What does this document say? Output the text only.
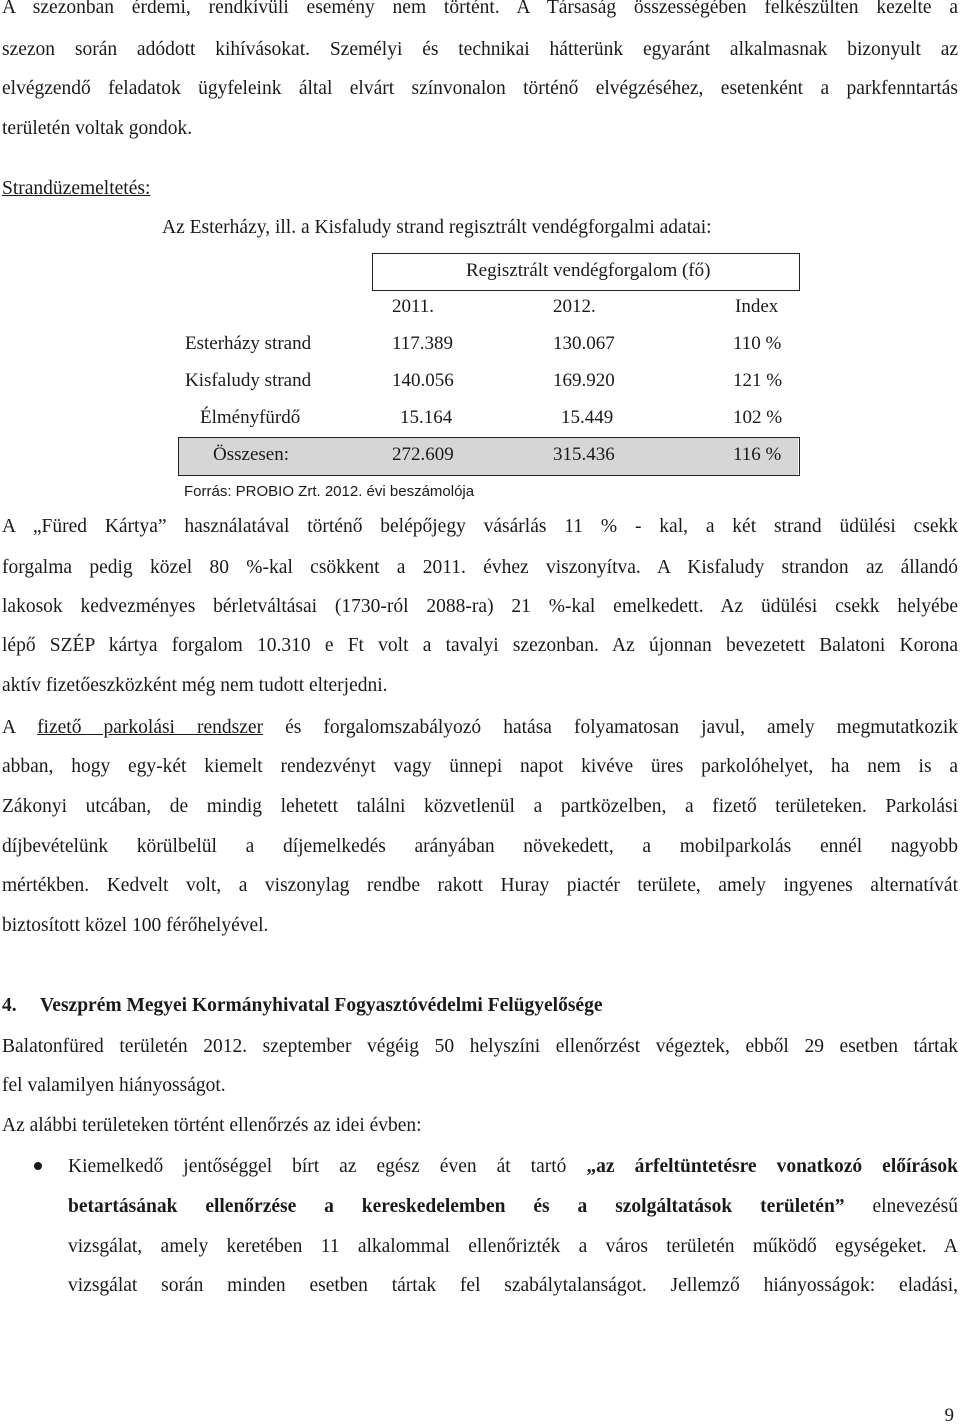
A szezonban érdemi, rendkívüli esemény nem történt. A Társaság összességében felkészülten kezelte a
szezon során adódott kihívásokat. Személyi és technikai hátterünk egyaránt alkalmasnak bizonyult az
elvégzendő feladatok ügyfeleink által elvárt színvonalon történő elvégzéséhez, esetenként a parkfenntartás
területén voltak gondok.
Strandüzemeltetés:
Az Esterházy, ill. a Kisfaludy strand regisztrált vendégforgalmi adatai:
Regisztrált vendégforgalom (fő)
2011.	2012.	Index
Esterházy strand	117.389	130.067	110 %
Kisfaludy strand	140.056	169.920	121 %
Élményfürdő	15.164	15.449	102 %
Összesen:	272.609	315.436	116 %
Forrás: PROBIO Zrt. 2012. évi beszámolója
A „Füred Kártya” használatával történő belépőjegy vásárlás 11 % - kal, a két strand üdülési csekk
forgalma pedig közel 80 %-kal csökkent a 2011. évhez viszonyítva. A Kisfaludy strandon az állandó
lakosok kedvezményes bérletváltásai (1730-ról 2088-ra) 21 %-kal emelkedett. Az üdülési csekk helyébe
lépő SZÉP kártya forgalom 10.310 e Ft volt a tavalyi szezonban. Az újonnan bevezetett Balatoni Korona
aktív fizetőeszközként még nem tudott elterjedni.
A fizető parkolási rendszer és forgalomszabályozó hatása folyamatosan javul, amely megmutatkozik
abban, hogy egy-két kiemelt rendezvényt vagy ünnepi napot kivéve üres parkolóhelyet, ha nem is a
Zákonyi utcában, de mindig lehetett találni közvetlenül a partközelben, a fizető területeken. Parkolási
díjbevételünk körülbelül a díjemelkedés arányában növekedett, a mobilparkolás ennél nagyobb
mértékben. Kedvelt volt, a viszonylag rendbe rakott Huray piactér területe, amely ingyenes alternatívát
biztosított közel 100 férőhelyével.
4. Veszprém Megyei Kormányhivatal Fogyasztóvédelmi Felügyelősége
Balatonfüred területén 2012. szeptember végéig 50 helyszíni ellenőrzést végeztek, ebből 29 esetben tártak
fel valamilyen hiányosságot.
Az alábbi területeken történt ellenőrzés az idei évben:
Kiemelkedő jentőséggel bírt az egész éven át tartó „az árfeltüntetésre vonatkozó előírások
betartásának ellenőrzése a kereskedelemben és a szolgáltatások területén” elnevezésű
vizsgálat, amely keretében 11 alkalommal ellenőrizték a város területén működő egységeket. A
vizsgálat során minden esetben tártak fel szabálytalanságot. Jellemző hiányosságok: eladási,
9
